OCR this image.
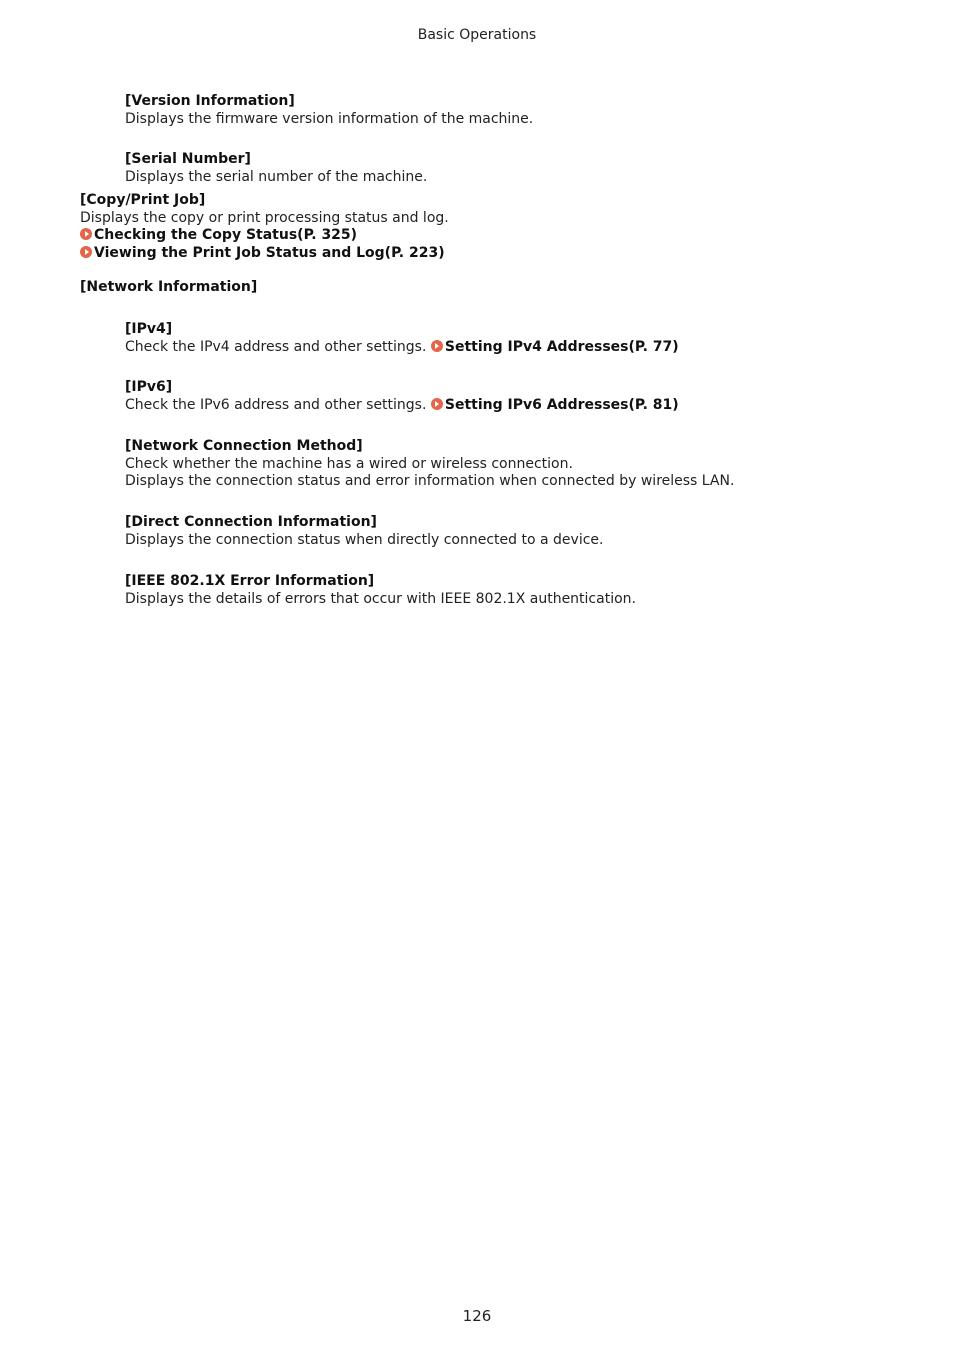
Basic Operations
[Version Information]
Displays the firmware version information of the machine.
[Serial Number]
Displays the serial number of the machine.
[Copy/Print Job]
Displays the copy or print processing status and log.
Checking the Copy Status(P. 325)
Viewing the Print Job Status and Log(P. 223)
[Network Information]
[IPv4]
Check the IPv4 address and other settings. Setting IPv4 Addresses(P. 77)
[IPv6]
Check the IPv6 address and other settings. Setting IPv6 Addresses(P. 81)
[Network Connection Method]
Check whether the machine has a wired or wireless connection.
Displays the connection status and error information when connected by wireless LAN.
[Direct Connection Information]
Displays the connection status when directly connected to a device.
[IEEE 802.1X Error Information]
Displays the details of errors that occur with IEEE 802.1X authentication.
126
